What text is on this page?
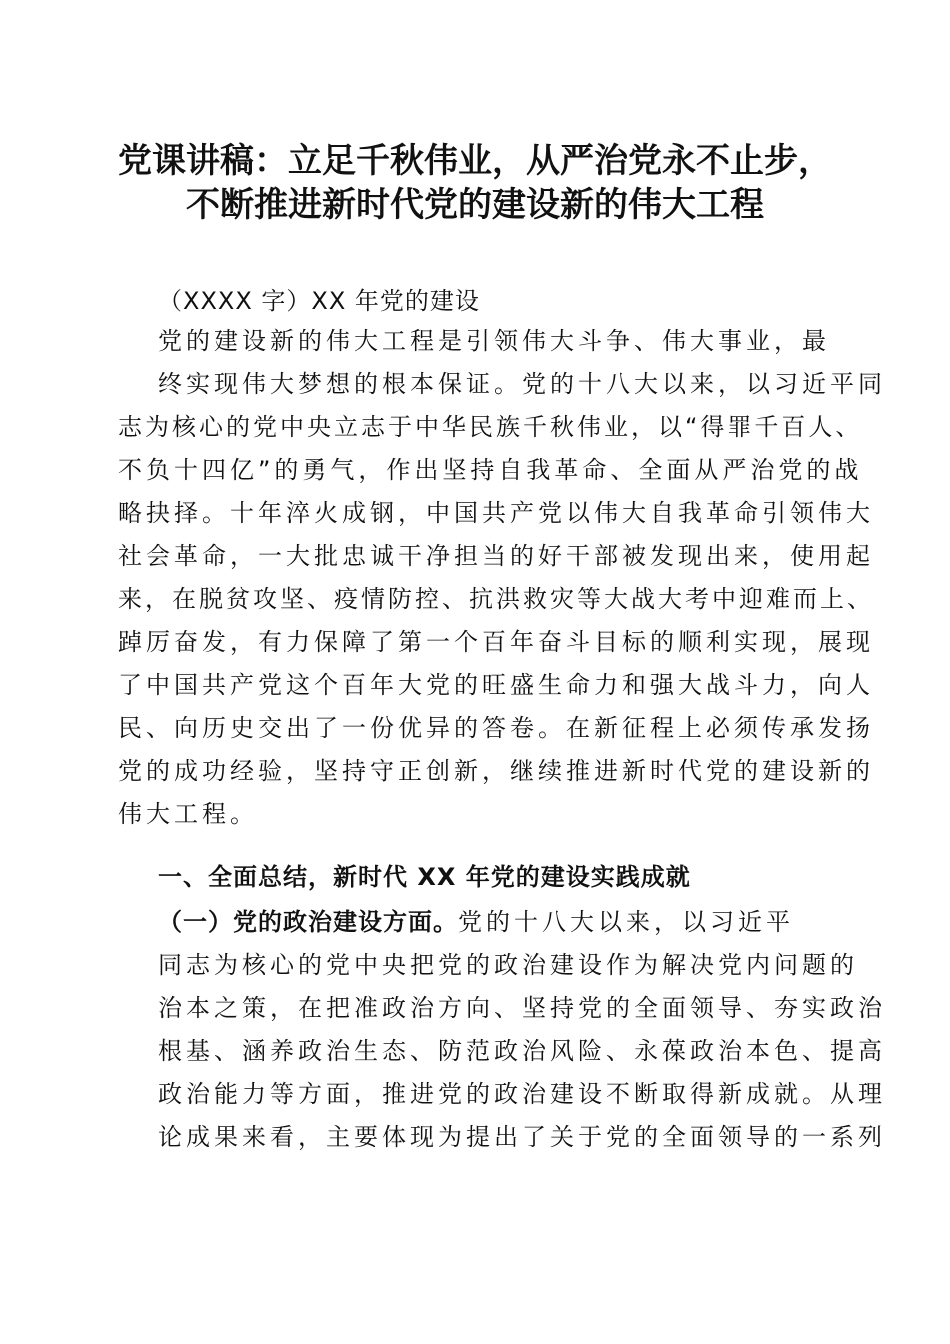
党课讲稿：立足千秋伟业，从严治党永不止步，
不断推进新时代党的建设新的伟大工程
（XXXX 字）XX 年党的建设
党的建设新的伟大工程是引领伟大斗争、伟大事业，最
终实现伟大梦想的根本保证。党的十八大以来，以习近平同
志为核心的党中央立志于中华民族千秋伟业，以“得罪千百人、
不负十四亿”的勇气，作出坚持自我革命、全面从严治党的战
略抉择。十年淬火成钢，中国共产党以伟大自我革命引领伟大
社会革命，一大批忠诚干净担当的好干部被发现出来，使用起
来，在脱贫攻坚、疫情防控、抗洪救灾等大战大考中迎难而上、
踔厉奋发，有力保障了第一个百年奋斗目标的顺利实现，展现
了中国共产党这个百年大党的旺盛生命力和强大战斗力，向人
民、向历史交出了一份优异的答卷。在新征程上必须传承发扬
党的成功经验，坚持守正创新，继续推进新时代党的建设新的
伟大工程。
一、全面总结，新时代 XX 年党的建设实践成就
（一）党的政治建设方面。党的十八大以来，以习近平
同志为核心的党中央把党的政治建设作为解决党内问题的
治本之策，在把准政治方向、坚持党的全面领导、夯实政治
根基、涵养政治生态、防范政治风险、永葆政治本色、提高
政治能力等方面，推进党的政治建设不断取得新成就。从理
论成果来看，主要体现为提出了关于党的全面领导的一系列
